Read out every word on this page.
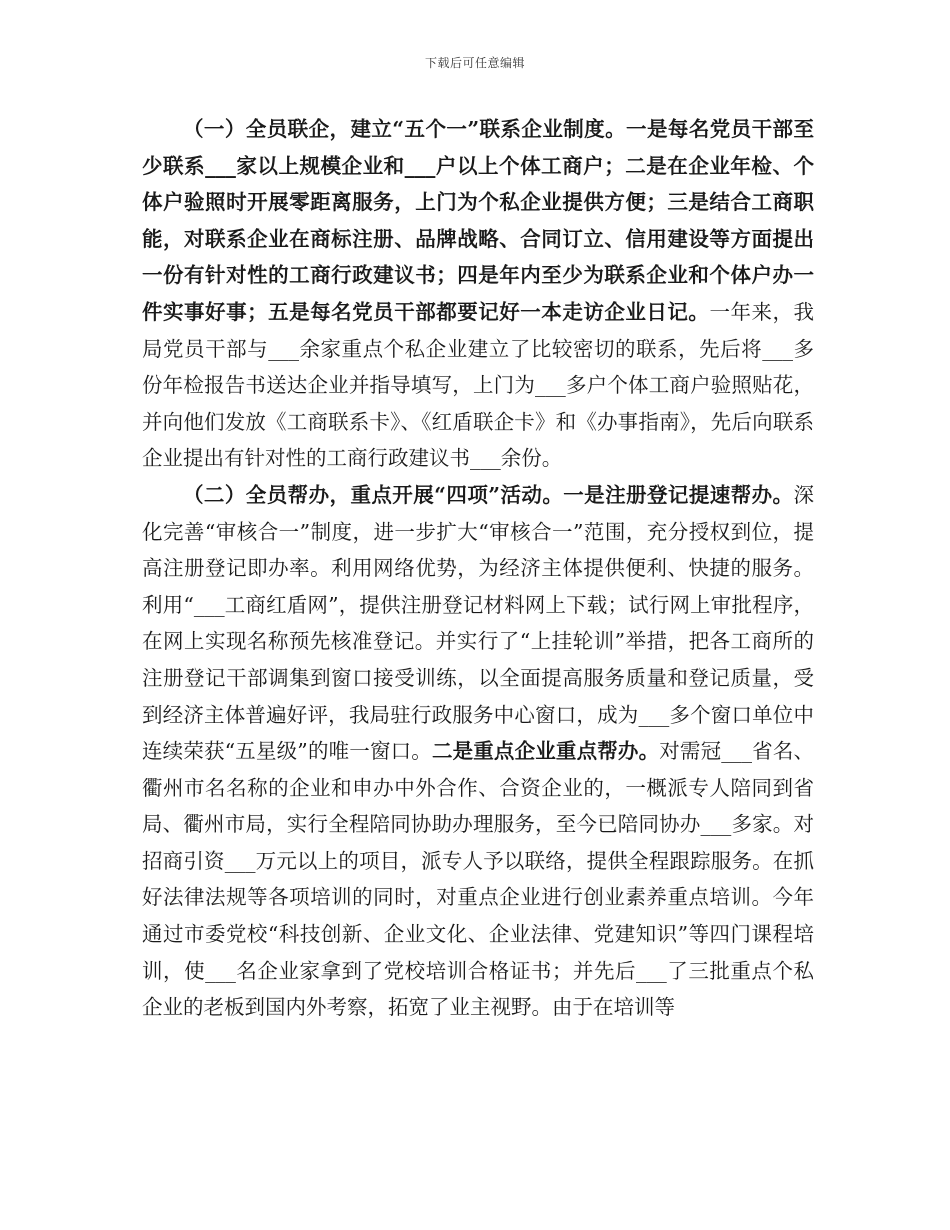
下载后可任意编辑

（一）全员联企，建立“五个一”联系企业制度。一是每名党员干部至少联系___家以上规模企业和___户以上个体工商户；二是在企业年检、个体户验照时开展零距离服务，上门为个私企业提供方便；三是结合工商职能，对联系企业在商标注册、品牌战略、合同订立、信用建设等方面提出一份有针对性的工商行政建议书；四是年内至少为联系企业和个体户办一件实事好事；五是每名党员干部都要记好一本走访企业日记。一年来，我局党员干部与___余家重点个私企业建立了比较密切的联系，先后将___多份年检报告书送达企业并指导填写，上门为___多户个体工商户验照贴花，并向他们发放《工商联系卡》、《红盾联企卡》和《办事指南》，先后向联系企业提出有针对性的工商行政建议书___余份。

（二）全员帮办，重点开展“四项”活动。一是注册登记提速帮办。深化完善“审核合一”制度，进一步扩大“审核合一”范围，充分授权到位，提高注册登记即办率。利用网络优势，为经济主体提供便利、快捷的服务。利用“___工商红盾网”，提供注册登记材料网上下载；试行网上审批程序，在网上实现名称预先核准登记。并实行了“上挂轮训”举措，把各工商所的注册登记干部调集到窗口接受训练，以全面提高服务质量和登记质量，受到经济主体普遍好评，我局驻行政服务中心窗口，成为___多个窗口单位中连续荣获“五星级”的唯一窗口。二是重点企业重点帮办。对需冠___省名、衢州市名名称的企业和申办中外合作、合资企业的，一概派专人陪同到省局、衢州市局，实行全程陪同协助办理服务，至今已陪同协办___多家。对招商引资___万元以上的项目，派专人予以联络，提供全程跟踪服务。在抓好法律法规等各项培训的同时，对重点企业进行创业素养重点培训。今年通过市委党校“科技创新、企业文化、企业法律、党建知识”等四门课程培训，使___名企业家拿到了党校培训合格证书；并先后___了三批重点个私企业的老板到国内外考察，拓宽了业主视野。由于在培训等
